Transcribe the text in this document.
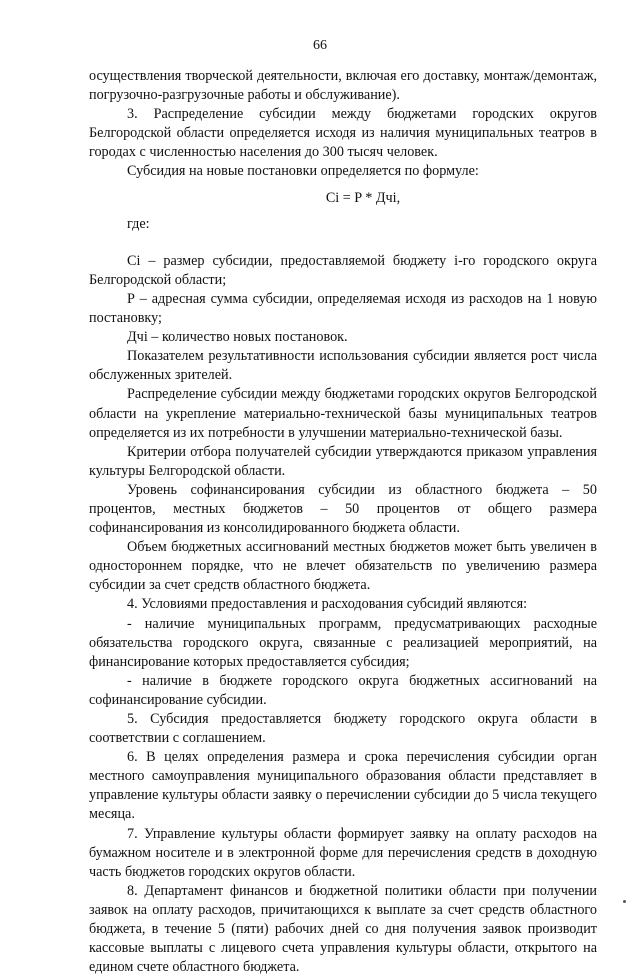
66

осуществления творческой деятельности, включая его доставку, монтаж/демонтаж, погрузочно-разгрузочные работы и обслуживание).

3. Распределение субсидии между бюджетами городских округов Белгородской области определяется исходя из наличия муниципальных театров в городах с численностью населения до 300 тысяч человек.

Субсидия на новые постановки определяется по формуле:

Ci = P * Дчi,

где:

Ci – размер субсидии, предоставляемой бюджету i-го городского округа Белгородской области;

Р – адресная сумма субсидии, определяемая исходя из расходов на 1 новую постановку;

Дчi – количество новых постановок.

Показателем результативности использования субсидии является рост числа обслуженных зрителей.

Распределение субсидии между бюджетами городских округов Белгородской области на укрепление материально-технической базы муниципальных театров определяется из их потребности в улучшении материально-технической базы.

Критерии отбора получателей субсидии утверждаются приказом управления культуры Белгородской области.

Уровень софинансирования субсидии из областного бюджета – 50 процентов, местных бюджетов – 50 процентов от общего размера софинансирования из консолидированного бюджета области.

Объем бюджетных ассигнований местных бюджетов может быть увеличен в одностороннем порядке, что не влечет обязательств по увеличению размера субсидии за счет средств областного бюджета.

4. Условиями предоставления и расходования субсидий являются:

- наличие муниципальных программ, предусматривающих расходные обязательства городского округа, связанные с реализацией мероприятий, на финансирование которых предоставляется субсидия;

- наличие в бюджете городского округа бюджетных ассигнований на софинансирование субсидии.

5. Субсидия предоставляется бюджету городского округа области в соответствии с соглашением.

6. В целях определения размера и срока перечисления субсидии орган местного самоуправления муниципального образования области представляет в управление культуры области заявку о перечислении субсидии до 5 числа текущего месяца.

7. Управление культуры области формирует заявку на оплату расходов на бумажном носителе и в электронной форме для перечисления средств в доходную часть бюджетов городских округов области.

8. Департамент финансов и бюджетной политики области при получении заявок на оплату расходов, причитающихся к выплате за счет средств областного бюджета, в течение 5 (пяти) рабочих дней со дня получения заявок производит кассовые выплаты с лицевого счета управления культуры области, открытого на едином счете областного бюджета.
